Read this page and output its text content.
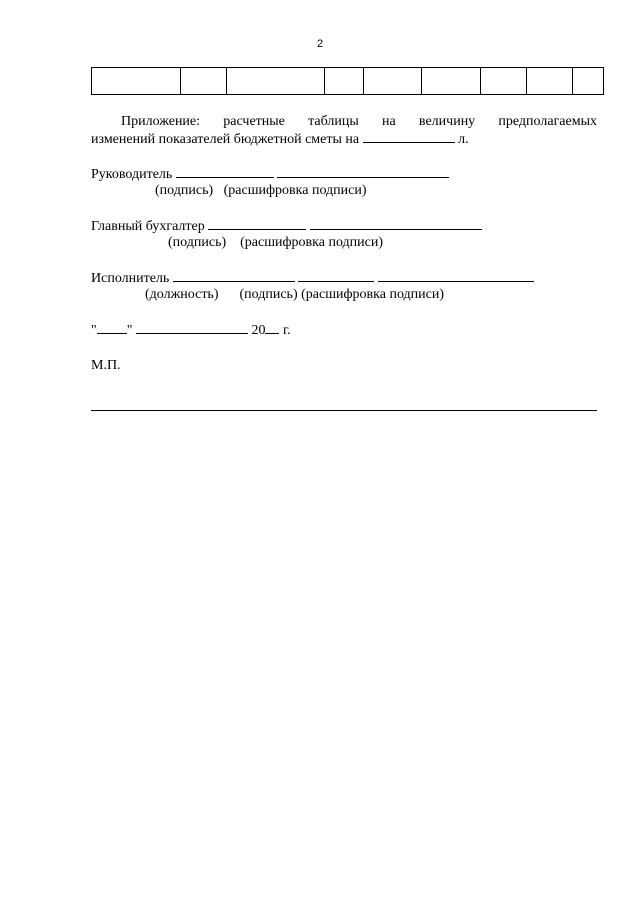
2

Приложение: расчетные таблицы на величину предполагаемых
изменений показателей бюджетной сметы на	л.
Руководитель
(подпись) (расшифровка подписи)
Главный бухгалтер
(подпись) (расшифровка подписи)
Исполнитель
(должность) (подпись) (расшифровка подписи)
" "	20 г.
М.П.
